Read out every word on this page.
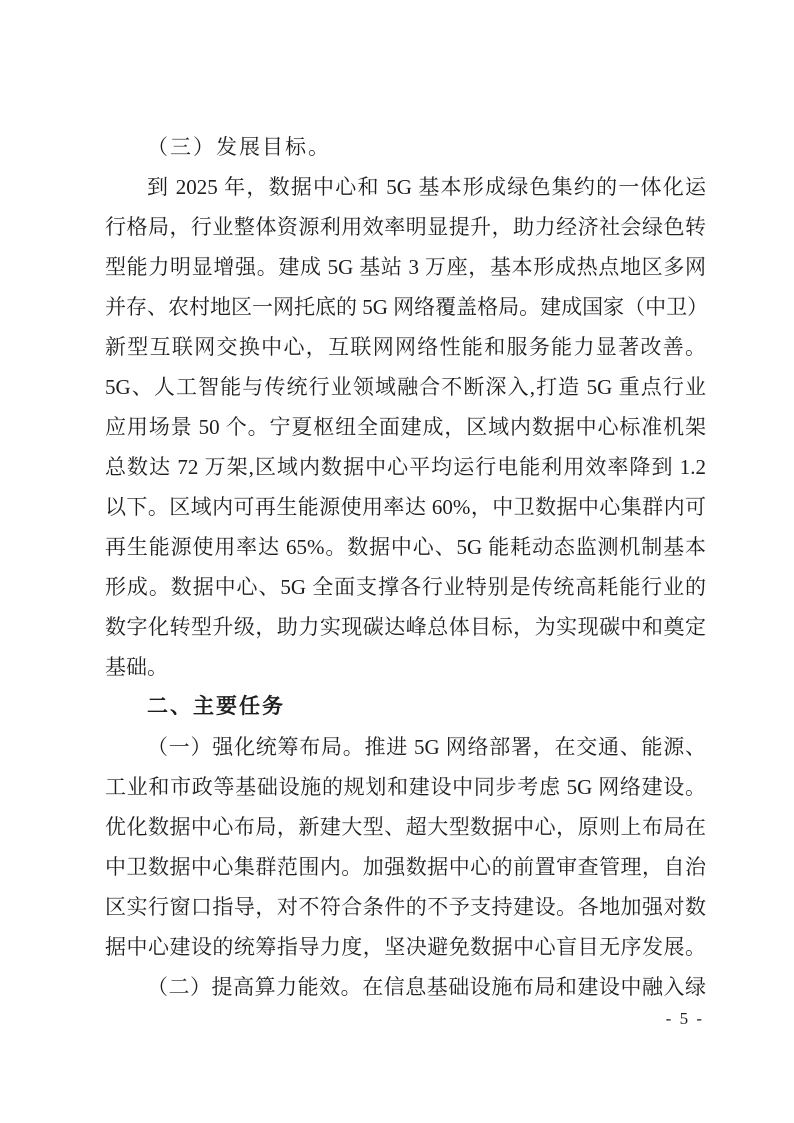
（三）发展目标。
到 2025 年，数据中心和 5G 基本形成绿色集约的一体化运
行格局，行业整体资源利用效率明显提升，助力经济社会绿色转
型能力明显增强。建成 5G 基站 3 万座，基本形成热点地区多网
并存、农村地区一网托底的 5G 网络覆盖格局。建成国家（中卫）
新型互联网交换中心，互联网网络性能和服务能力显著改善。
5G、人工智能与传统行业领域融合不断深入,打造 5G 重点行业
应用场景 50 个。宁夏枢纽全面建成，区域内数据中心标准机架
总数达 72 万架,区域内数据中心平均运行电能利用效率降到 1.2
以下。区域内可再生能源使用率达 60%，中卫数据中心集群内可
再生能源使用率达 65%。数据中心、5G 能耗动态监测机制基本
形成。数据中心、5G 全面支撑各行业特别是传统高耗能行业的
数字化转型升级，助力实现碳达峰总体目标，为实现碳中和奠定
基础。
二、主要任务
（一）强化统筹布局。推进 5G 网络部署，在交通、能源、
工业和市政等基础设施的规划和建设中同步考虑 5G 网络建设。
优化数据中心布局，新建大型、超大型数据中心，原则上布局在
中卫数据中心集群范围内。加强数据中心的前置审查管理，自治
区实行窗口指导，对不符合条件的不予支持建设。各地加强对数
据中心建设的统筹指导力度，坚决避免数据中心盲目无序发展。
（二）提高算力能效。在信息基础设施布局和建设中融入绿
- 5 -
